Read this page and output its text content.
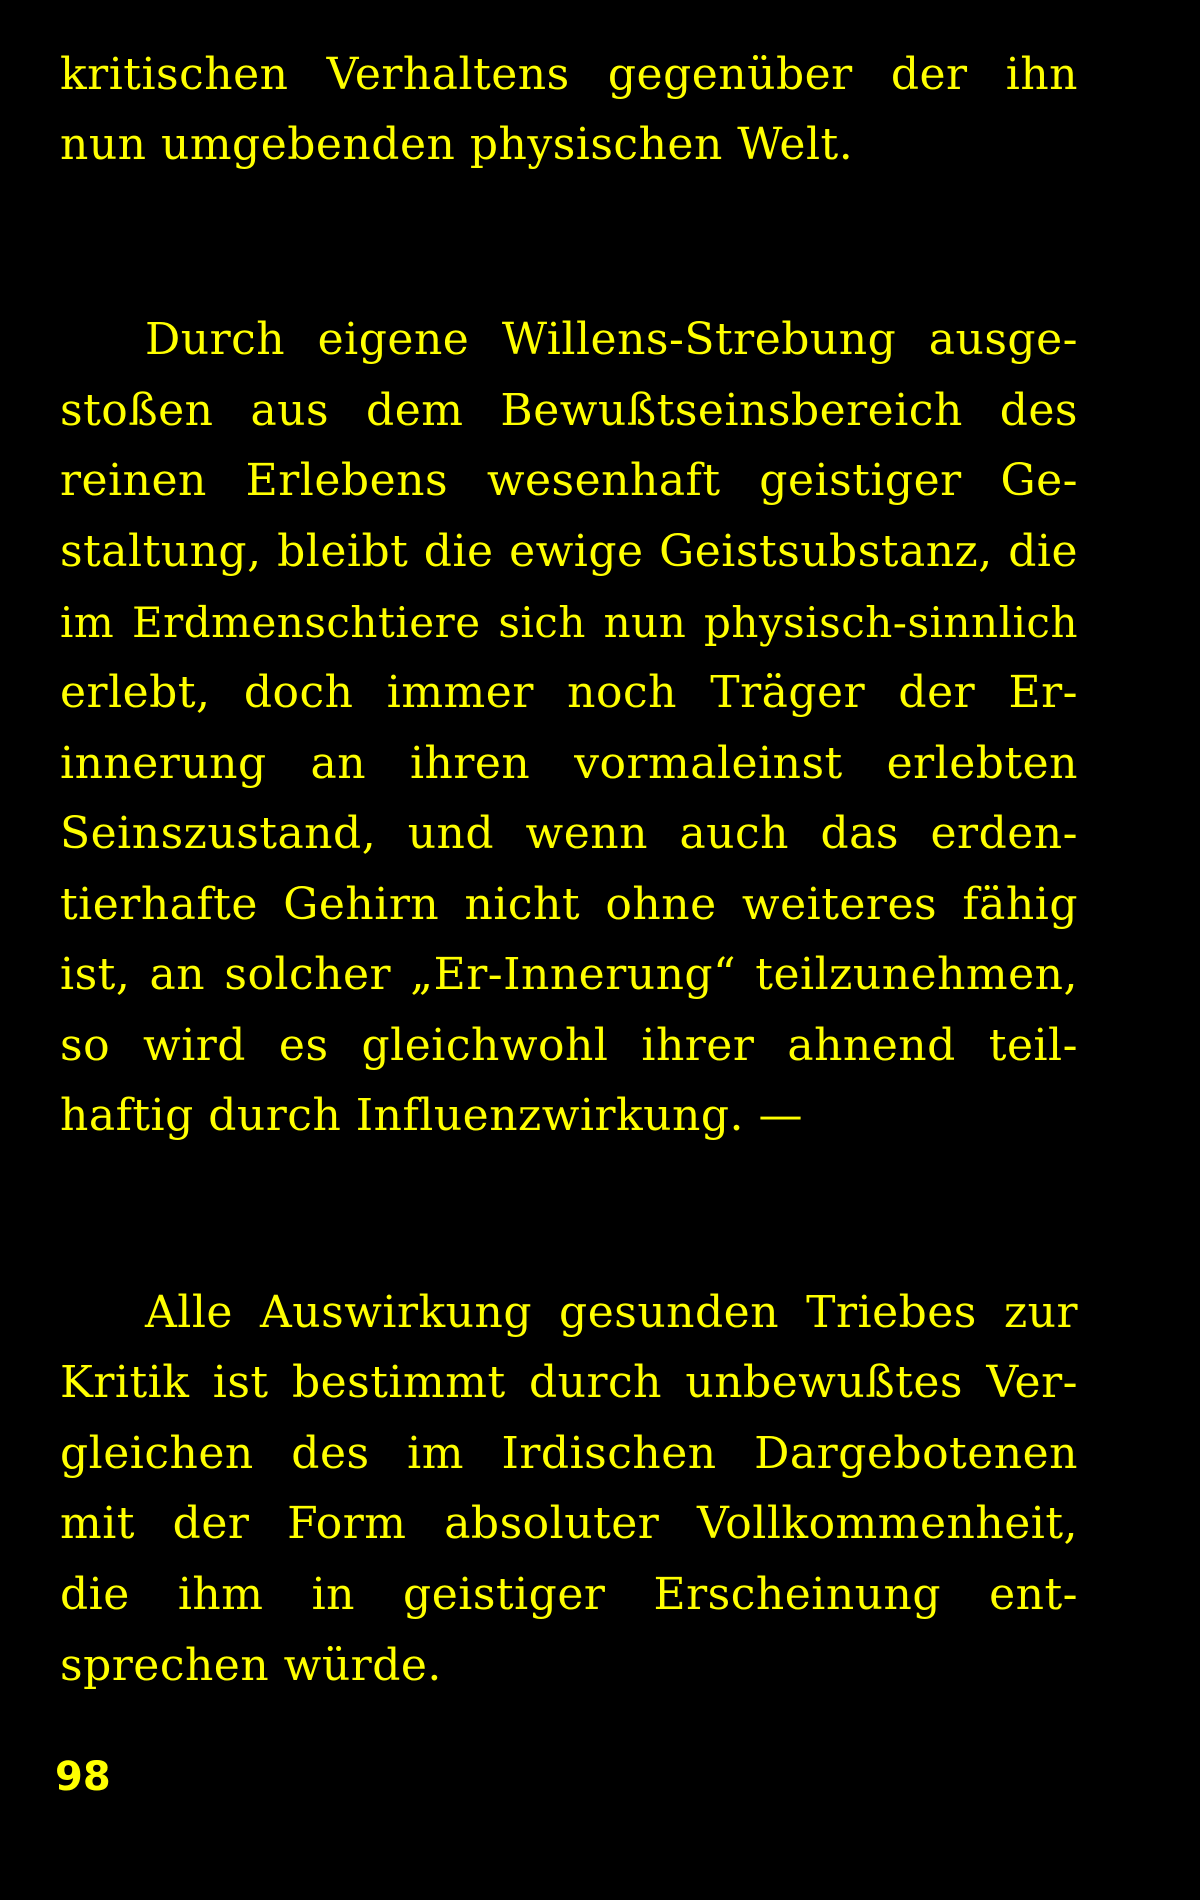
kritischen Verhaltens gegenüber der ihn
nun umgebenden physischen Welt.
Durch eigene Willens-Strebung ausge-
stoßen aus dem Bewußtseinsbereich des
reinen Erlebens wesenhaft geistiger Ge-
staltung, bleibt die ewige Geistsubstanz, die
im Erdmenschtiere sich nun physisch-sinnlich
erlebt, doch immer noch Träger der Er-
innerung an ihren vormaleinst erlebten
Seinszustand, und wenn auch das erden-
tierhafte Gehirn nicht ohne weiteres fähig
ist, an solcher „Er-Innerung“ teilzunehmen,
so wird es gleichwohl ihrer ahnend teil-
haftig durch Influenzwirkung. —
Alle Auswirkung gesunden Triebes zur
Kritik ist bestimmt durch unbewußtes Ver-
gleichen des im Irdischen Dargebotenen
mit der Form absoluter Vollkommenheit,
die ihm in geistiger Erscheinung ent-
sprechen würde.
98
